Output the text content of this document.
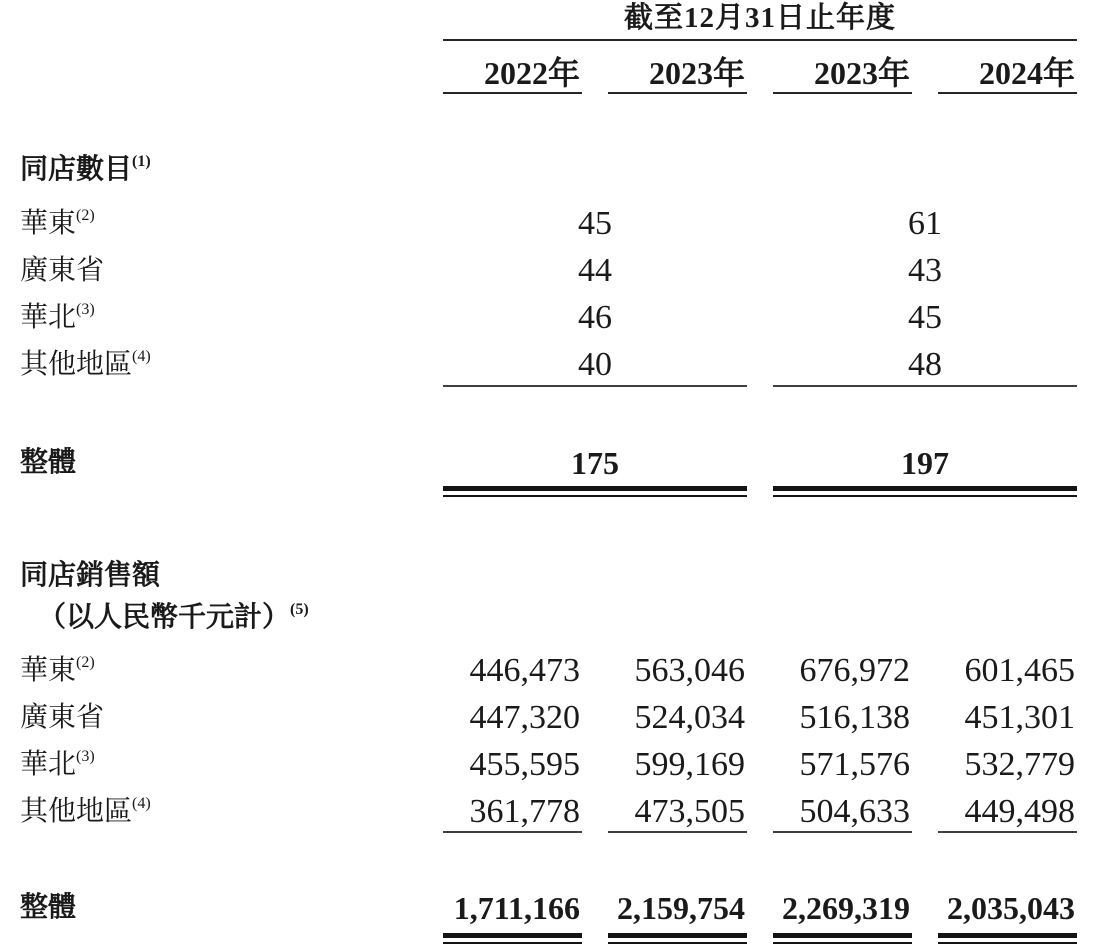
截至12月31日止年度
2022年	2023年	2023年	2024年
同店數目$^{(1)}$
華東$^{(2)}$	45	61
廣東省	44	43
華北$^{(3)}$	46	45
其他地區$^{(4)}$	40	48
整體	175	197
同店銷售額
（以人民幣千元計）$^{(5)}$
華東$^{(2)}$	446,473	563,046	676,972	601,465
廣東省	447,320	524,034	516,138	451,301
華北$^{(3)}$	455,595	599,169	571,576	532,779
其他地區$^{(4)}$	361,778	473,505	504,633	449,498
整體	1,711,166 2,159,754 2,269,319 2,035,043
